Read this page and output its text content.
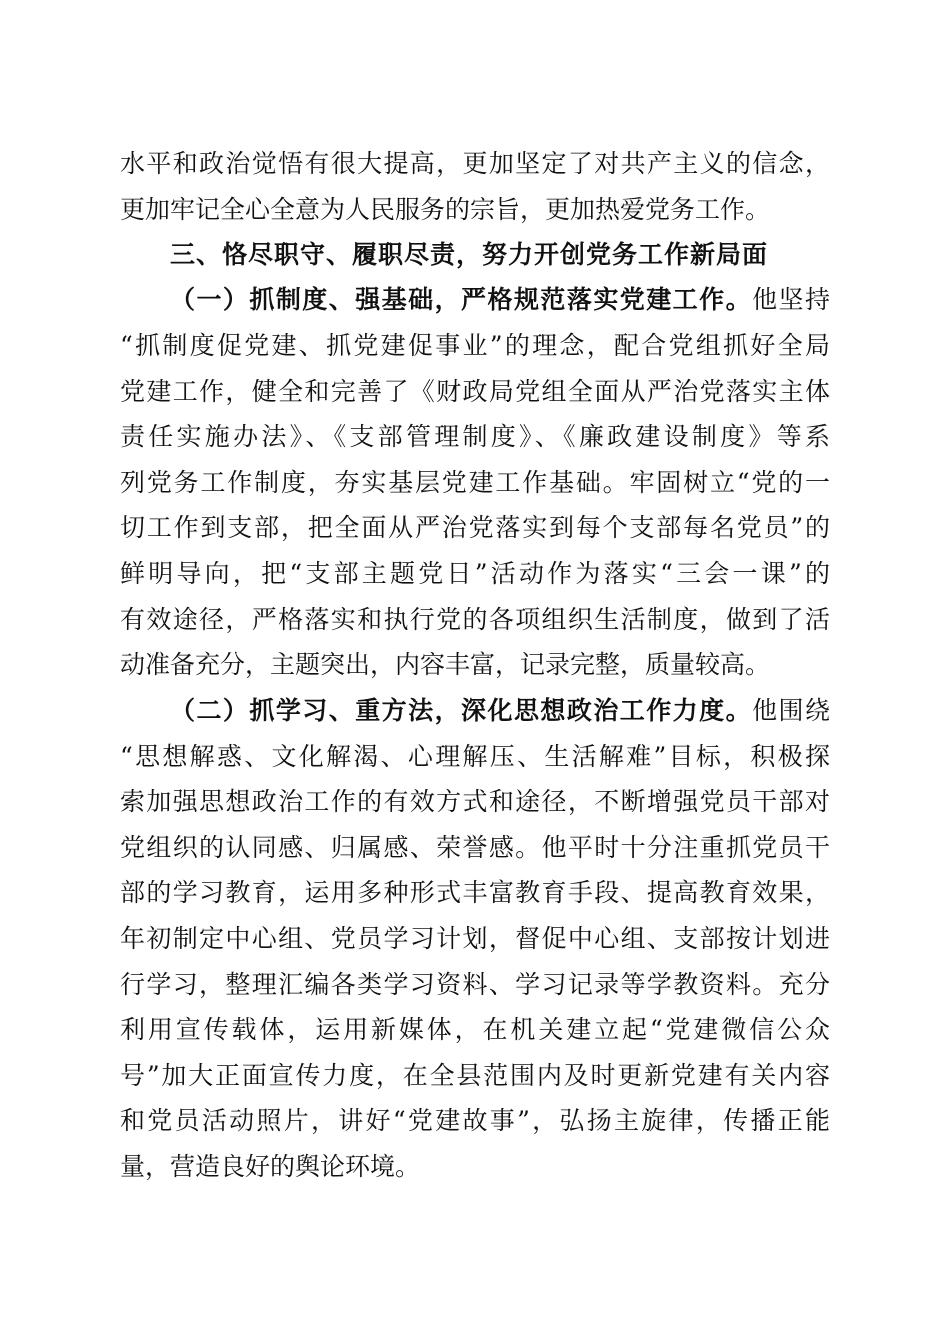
水平和政治觉悟有很大提高，更加坚定了对共产主义的信念，
更加牢记全心全意为人民服务的宗旨，更加热爱党务工作。
三、恪尽职守、履职尽责，努力开创党务工作新局面
（一）抓制度、强基础，严格规范落实党建工作。他坚持
“抓制度促党建、抓党建促事业”的理念，配合党组抓好全局
党建工作，健全和完善了《财政局党组全面从严治党落实主体
责任实施办法》、《支部管理制度》、《廉政建设制度》等系
列党务工作制度，夯实基层党建工作基础。牢固树立“党的一
切工作到支部，把全面从严治党落实到每个支部每名党员”的
鲜明导向，把“支部主题党日”活动作为落实“三会一课”的
有效途径，严格落实和执行党的各项组织生活制度，做到了活
动准备充分，主题突出，内容丰富，记录完整，质量较高。
（二）抓学习、重方法，深化思想政治工作力度。他围绕
“思想解惑、文化解渴、心理解压、生活解难”目标，积极探
索加强思想政治工作的有效方式和途径，不断增强党员干部对
党组织的认同感、归属感、荣誉感。他平时十分注重抓党员干
部的学习教育，运用多种形式丰富教育手段、提高教育效果，
年初制定中心组、党员学习计划，督促中心组、支部按计划进
行学习，整理汇编各类学习资料、学习记录等学教资料。充分
利用宣传载体，运用新媒体，在机关建立起“党建微信公众
号”加大正面宣传力度，在全县范围内及时更新党建有关内容
和党员活动照片，讲好“党建故事”，弘扬主旋律，传播正能
量，营造良好的舆论环境。
